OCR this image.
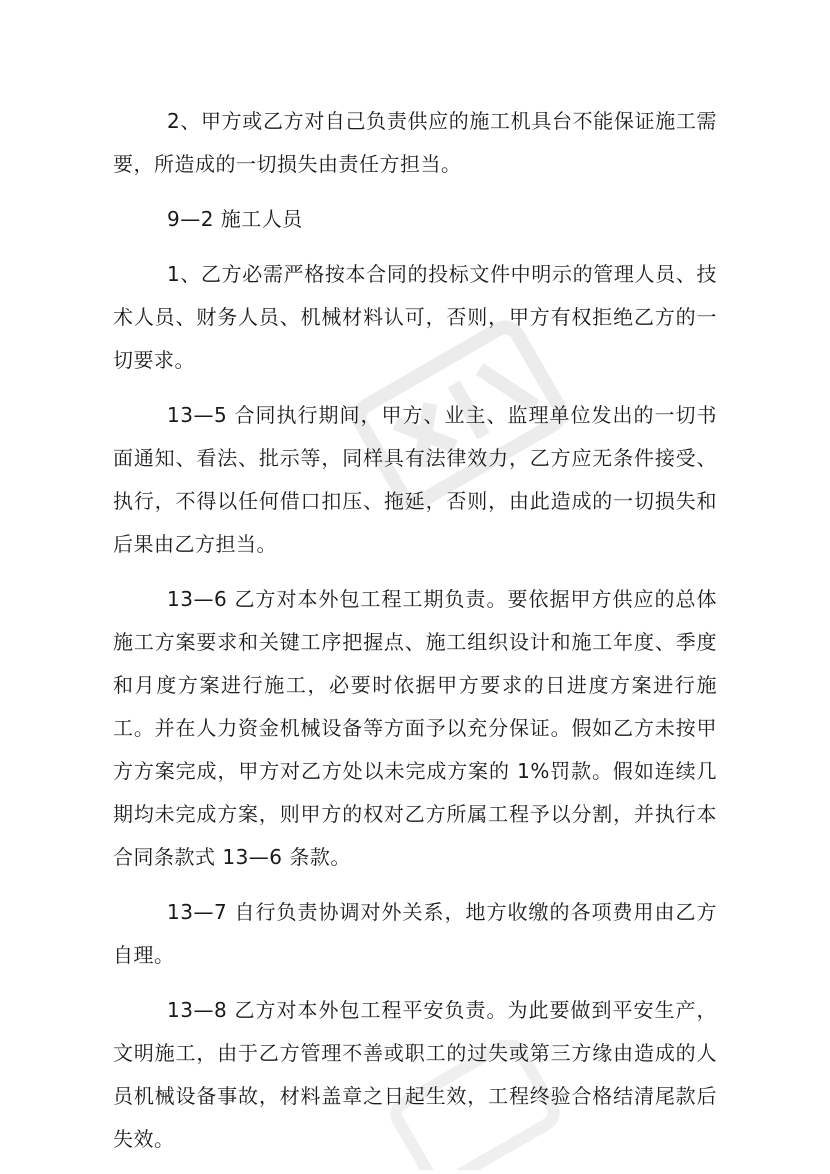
觅知网

2、甲方或乙方对自己负责供应的施工机具台不能保证施工需要，所造成的一切损失由责任方担当。

9—2 施工人员

1、乙方必需严格按本合同的投标文件中明示的管理人员、技术人员、财务人员、机械材料认可，否则，甲方有权拒绝乙方的一切要求。

13—5 合同执行期间，甲方、业主、监理单位发出的一切书面通知、看法、批示等，同样具有法律效力，乙方应无条件接受、执行，不得以任何借口扣压、拖延，否则，由此造成的一切损失和后果由乙方担当。

13—6 乙方对本外包工程工期负责。要依据甲方供应的总体施工方案要求和关键工序把握点、施工组织设计和施工年度、季度和月度方案进行施工，必要时依据甲方要求的日进度方案进行施工。并在人力资金机械设备等方面予以充分保证。假如乙方未按甲方方案完成，甲方对乙方处以未完成方案的 1%罚款。假如连续几期均未完成方案，则甲方的权对乙方所属工程予以分割，并执行本合同条款式 13—6 条款。

13—7 自行负责协调对外关系，地方收缴的各项费用由乙方自理。

13—8 乙方对本外包工程平安负责。为此要做到平安生产，文明施工，由于乙方管理不善或职工的过失或第三方缘由造成的人员机械设备事故，材料盖章之日起生效，工程终验合格结清尾款后失效。
